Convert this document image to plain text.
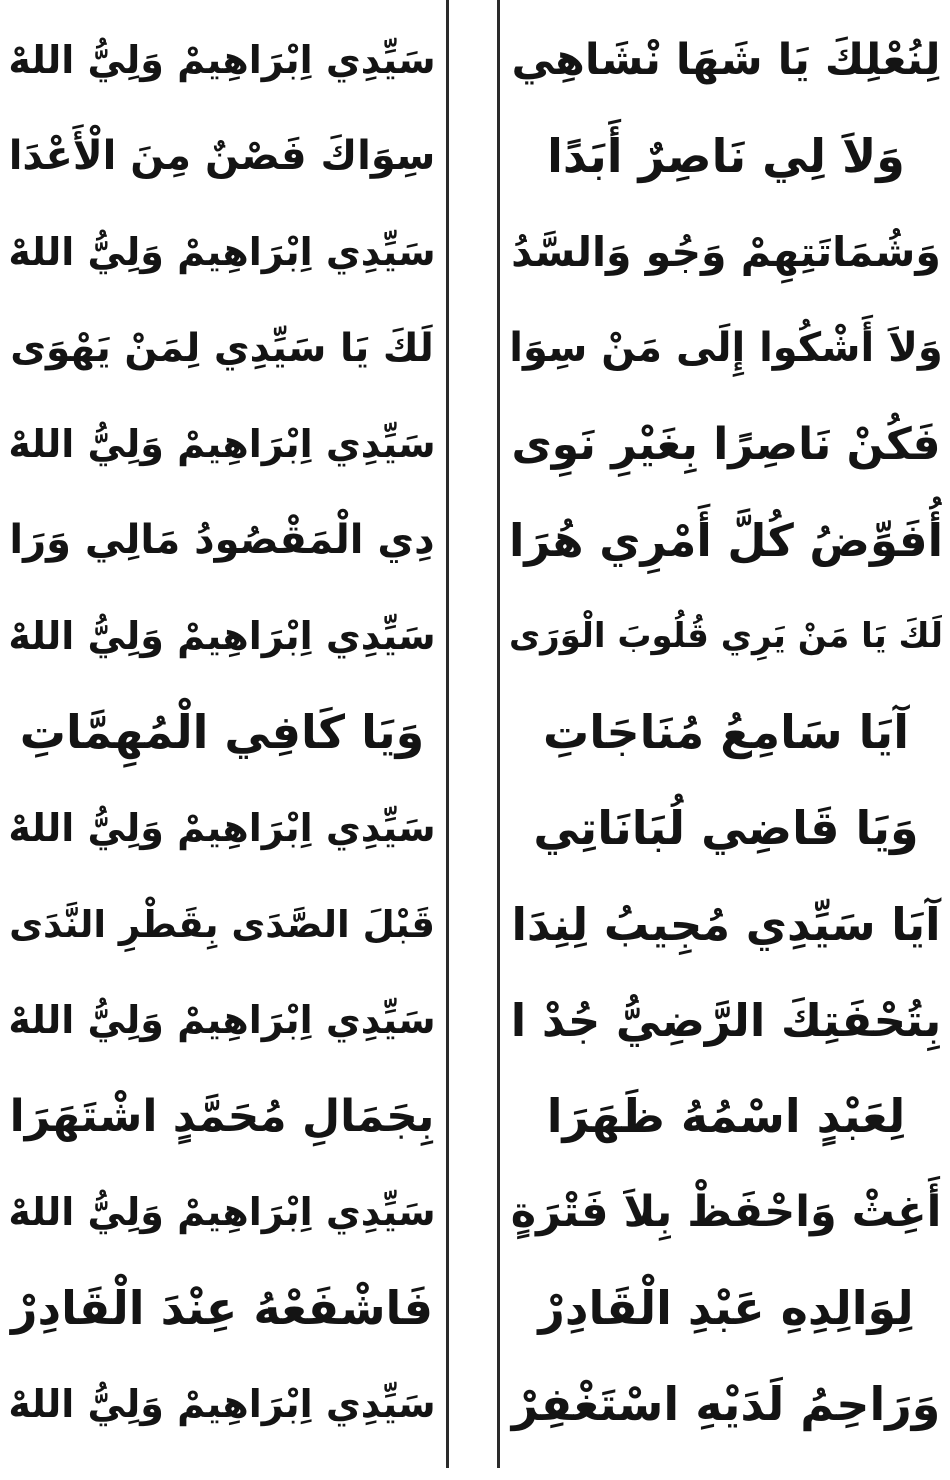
سَيِّدِي اِبْرَاهِيمْ وَلِيُّ اللهْ
سِوَاكَ فَصْنٌ مِنَ الْأَعْدَا
سَيِّدِي اِبْرَاهِيمْ وَلِيُّ اللهْ
لَكَ يَا سَيِّدِي لِمَنْ يَهْوَى
سَيِّدِي اِبْرَاهِيمْ وَلِيُّ اللهْ
دِي الْمَقْصُودُ مَالِي وَرَا
سَيِّدِي اِبْرَاهِيمْ وَلِيُّ اللهْ
وَيَا كَافِي الْمُهِمَّاتِ
سَيِّدِي اِبْرَاهِيمْ وَلِيُّ اللهْ
قَبْلَ الصَّدَى بِقَطْرِ النَّدَى
سَيِّدِي اِبْرَاهِيمْ وَلِيُّ اللهْ
بِجَمَالِ مُحَمَّدٍ اشْتَهَرَا
سَيِّدِي اِبْرَاهِيمْ وَلِيُّ اللهْ
فَاشْفَعْهُ عِنْدَ الْقَادِرْ
سَيِّدِي اِبْرَاهِيمْ وَلِيُّ اللهْ
لِنُعْلِكَ يَا شَهَا نْشَاهِي
وَلاَ لِي نَاصِرٌ أَبَدًا
وَشُمَاتَتِهِمْ وَجُو وَالسَّدُ
وَلاَ أَشْكُوا إِلَى مَنْ سِوَا
فَكُنْ نَاصِرًا بِغَيْرِ نَوِى
أُفَوِّضُ كُلَّ أَمْرِي هُرَا
لَكَ يَا مَنْ يَرِي قُلُوبَ الْوَرَى
آيَا سَامِعُ مُنَاجَاتِ
وَيَا قَاضِي لُبَانَاتِي
آيَا سَيِّدِي مُجِيبُ لِنِدَا
بِتُحْفَتِكَ الرَّضِيُّ جُدْ ا
لِعَبْدٍ اسْمُهُ ظَهَرَا
أَغِثْ وَاحْفَظْ بِلاَ فَتْرَةٍ
لِوَالِدِهِ عَبْدِ الْقَادِرْ
وَرَاحِمُ لَدَيْهِ اسْتَغْفِرْ
